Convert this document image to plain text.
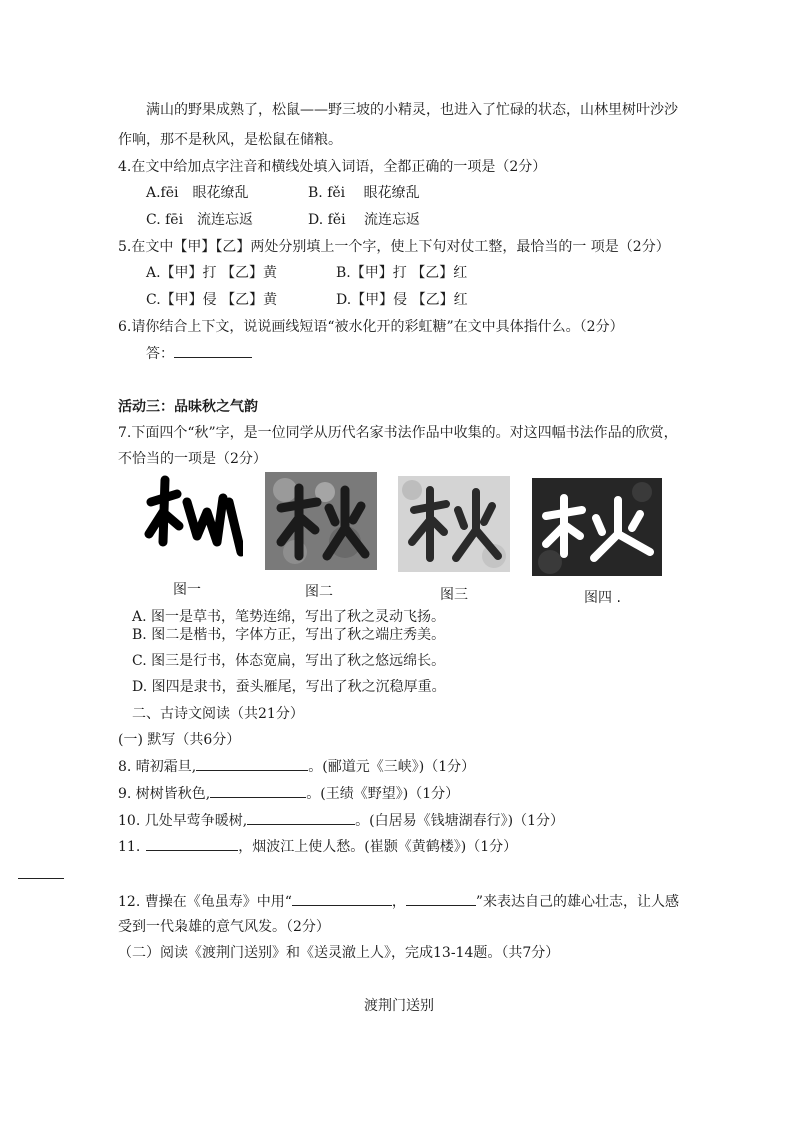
满山的野果成熟了，松鼠——野三坡的小精灵，也进入了忙碌的状态，山林里树叶沙沙
作响，那不是秋风，是松鼠在储粮。
4.在文中给加点字注音和横线处填入词语，全都正确的一项是（2分）
A.fēi　眼花缭乱	B. fěi　 眼花缭乱
C. fēi　流连忘返	D. fěi　 流连忘返
5.在文中【甲】【乙】两处分别填上一个字，使上下句对仗工整，最恰当的一 项是（2分）
A.【甲】打 【乙】黄	B.【甲】打 【乙】红
C.【甲】侵 【乙】黄	D.【甲】侵 【乙】红
6.请你结合上下文，说说画线短语“被水化开的彩虹糖”在文中具体指什么。（2分）
答：
活动三：品味秋之气韵
7.下面四个“秋”字，是一位同学从历代名家书法作品中收集的。对这四幅书法作品的欣赏，
不恰当的一项是（2分）
图一	图二	图三	图四 .
A. 图一是草书，笔势连绵，写出了秋之灵动飞扬。
B. 图二是楷书，字体方正，写出了秋之端庄秀美。
C. 图三是行书，体态宽扁，写出了秋之悠远绵长。
D. 图四是隶书，蚕头雁尾，写出了秋之沉稳厚重。
二、古诗文阅读（共21分）
(一) 默写（共6分）
8. 晴初霜旦,	。(郦道元《三峡》)（1分）
9. 树树皆秋色,	。(王绩《野望》)（1分）
10. 几处早莺争暖树,	。(白居易《钱塘湖春行》)（1分）
11.	，烟波江上使人愁。(崔颢《黄鹤楼》)（1分）
12. 曹操在《龟虽寿》中用“	，	”来表达自己的雄心壮志，让人感
受到一代枭雄的意气风发。（2分）
（二）阅读《渡荆门送别》和《送灵澈上人》，完成13-14题。（共7分）
渡荆门送别
